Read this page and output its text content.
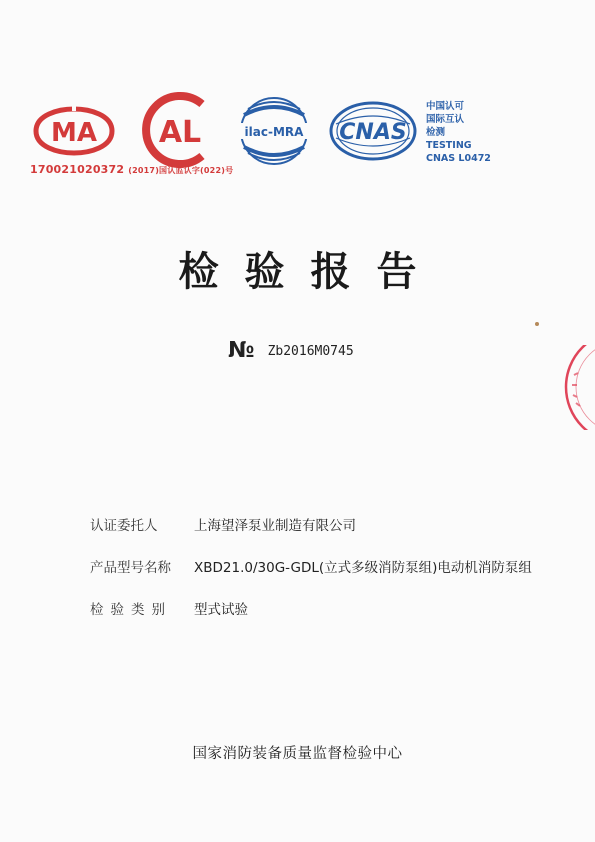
MA AL	ilac-MRA CNAS
170021020372 (2017)国认监认字(022)号
中国认可
国际互认
检测
TESTING
CNAS L0472
检验报告
№ Zb2016M0745
认证委托人	上海望泽泵业制造有限公司
产品型号名称	XBD21.0/30G-GDL(立式多级消防泵组)电动机消防泵组
检验类别	型式试验
国家消防装备质量监督检验中心
